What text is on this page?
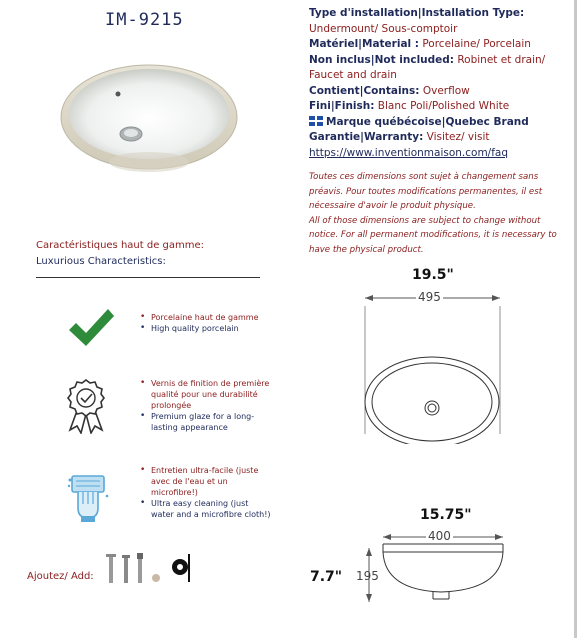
IM-9215
Caractéristiques haut de gamme:
Luxurious Characteristics:
• Porcelaine haut de gamme
• High quality porcelain
• Vernis de finition de première qualité pour une durabilité prolongée
• Premium glaze for a long-lasting appearance
• Entretien ultra-facile (juste avec de l'eau et un microfibre!)
• Ultra easy cleaning (just water and a microfibre cloth!)
Ajoutez/ Add:

Type d'installation|Installation Type:

Undermount/ Sous-comptoir

Matériel|Material : Porcelaine/ Porcelain

Non inclus|Not included: Robinet et drain/ Faucet and drain

Contient|Contains: Overflow

Fini|Finish: Blanc Poli/Polished White

Marque québécoise|Quebec Brand

Garantie|Warranty: Visitez/ visit

https://www.inventionmaison.com/faq

Toutes ces dimensions sont sujet à changement sans préavis. Pour toutes modifications permanentes, il est nécessaire d'avoir le produit physique.

All of those dimensions are subject to change without notice. For all permanent modifications, it is necessary to have the physical product.

19.5"
495
15.75"
400
7.7" 195
